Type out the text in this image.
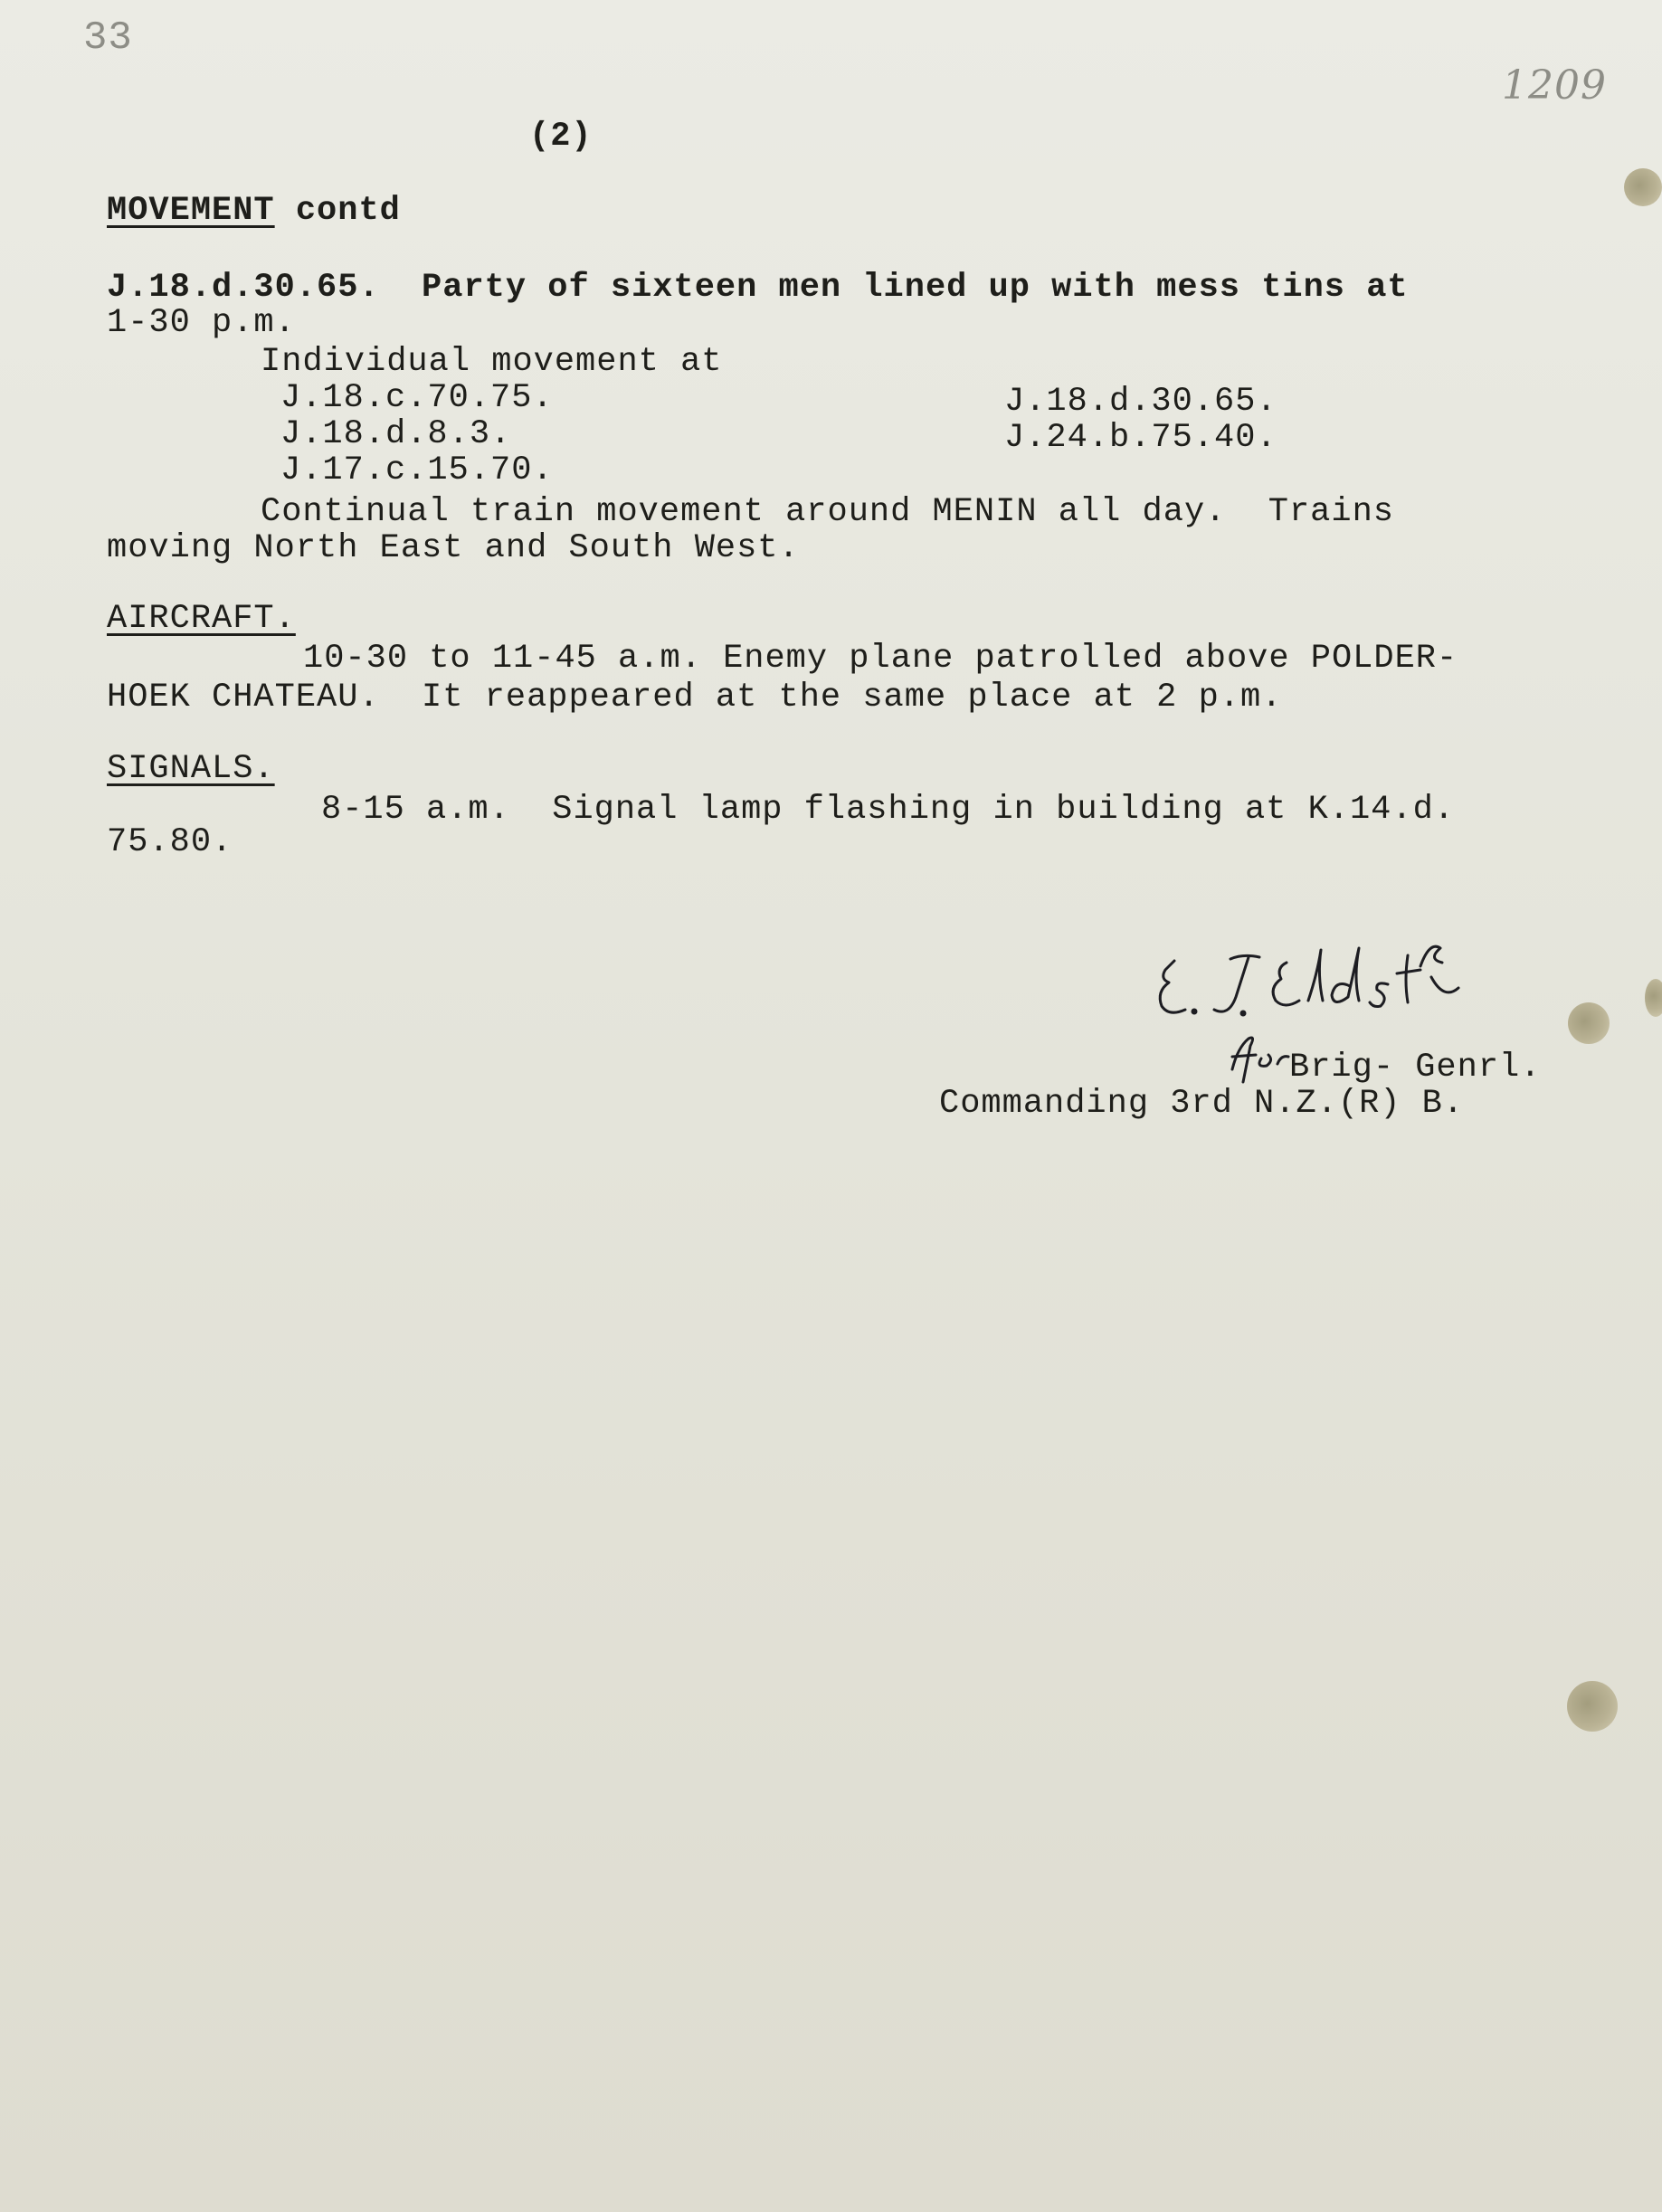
33
1209
(2)
MOVEMENT contd
J.18.d.30.65.  Party of sixteen men lined up with mess tins at
1-30 p.m.
Individual movement at
J.18.c.70.75.
J.18.d.8.3.
J.17.c.15.70.
J.18.d.30.65.
J.24.b.75.40.
Continual train movement around MENIN all day.  Trains
moving North East and South West.
AIRCRAFT.
10-30 to 11-45 a.m. Enemy plane patrolled above POLDER-
HOEK CHATEAU.  It reappeared at the same place at 2 p.m.
SIGNALS.
8-15 a.m.  Signal lamp flashing in building at K.14.d.
75.80.
Brig- Genrl.
Commanding 3rd N.Z.(R) B.
